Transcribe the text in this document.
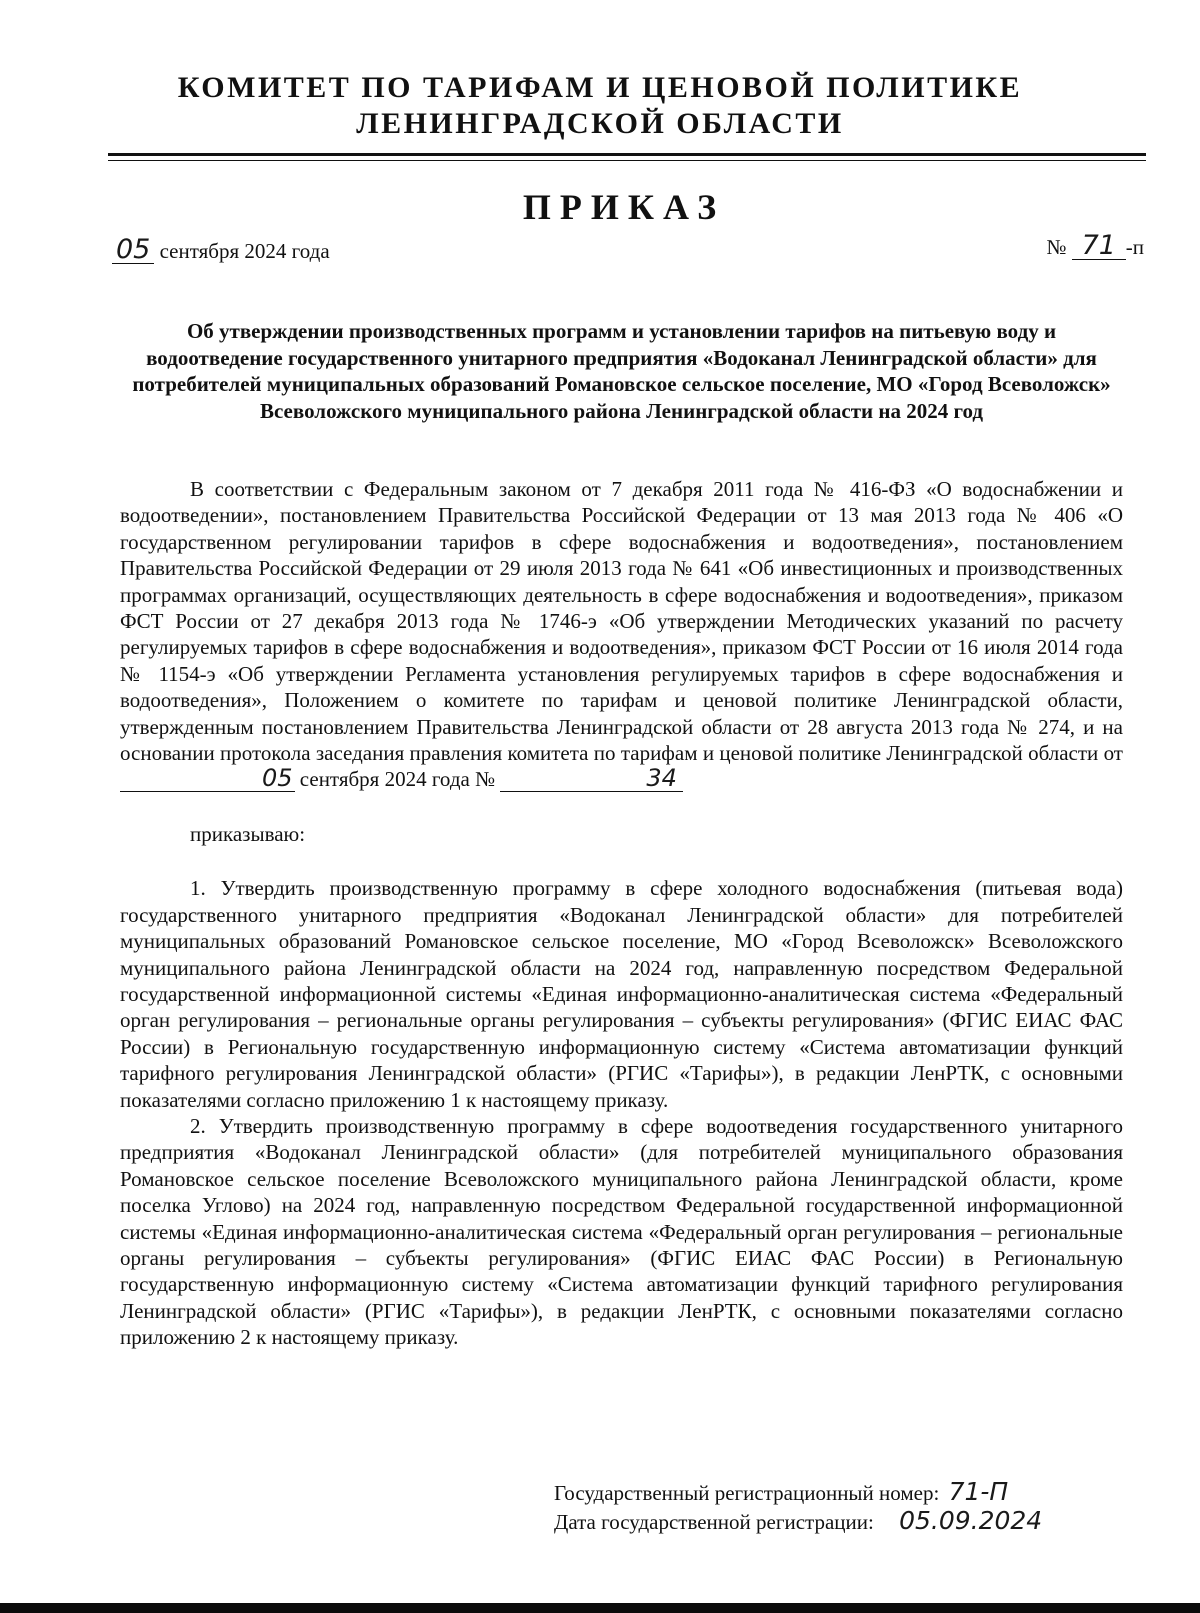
КОМИТЕТ ПО ТАРИФАМ И ЦЕНОВОЙ ПОЛИТИКЕ
ЛЕНИНГРАДСКОЙ ОБЛАСТИ
ПРИКАЗ
05 сентября 2024 года	№ 71 -п
Об утверждении производственных программ и установлении тарифов на питьевую воду и водоотведение государственного унитарного предприятия «Водоканал Ленинградской области» для потребителей муниципальных образований Романовское сельское поселение, МО «Город Всеволожск» Всеволожского муниципального района Ленинградской области на 2024 год

В соответствии с Федеральным законом от 7 декабря 2011 года № 416-ФЗ «О водоснабжении и водоотведении», постановлением Правительства Российской Федерации от 13 мая 2013 года № 406 «О государственном регулировании тарифов в сфере водоснабжения и водоотведения», постановлением Правительства Российской Федерации от 29 июля 2013 года № 641 «Об инвестиционных и производственных программах организаций, осуществляющих деятельность в сфере водоснабжения и водоотведения», приказом ФСТ России от 27 декабря 2013 года № 1746-э «Об утверждении Методических указаний по расчету регулируемых тарифов в сфере водоснабжения и водоотведения», приказом ФСТ России от 16 июля 2014 года № 1154-э «Об утверждении Регламента установления регулируемых тарифов в сфере водоснабжения и водоотведения», Положением о комитете по тарифам и ценовой политике Ленинградской области, утвержденным постановлением Правительства Ленинградской области от 28 августа 2013 года № 274, и на основании протокола заседания правления комитета по тарифам и ценовой политике Ленинградской области от05 сентября 2024 года №	34

приказываю:

1. Утвердить производственную программу в сфере холодного водоснабжения (питьевая вода) государственного унитарного предприятия «Водоканал Ленинградской области» для потребителей муниципальных образований Романовское сельское поселение, МО «Город Всеволожск» Всеволожского муниципального района Ленинградской области на 2024 год, направленную посредством Федеральной государственной информационной системы «Единая информационно-аналитическая система «Федеральный орган регулирования – региональные органы регулирования – субъекты регулирования» (ФГИС ЕИАС ФАС России) в Региональную государственную информационную систему «Система автоматизации функций тарифного регулирования Ленинградской области» (РГИС «Тарифы»), в редакции ЛенРТК, с основными показателями согласно приложению 1 к настоящему приказу.

2. Утвердить производственную программу в сфере водоотведения государственного унитарного предприятия «Водоканал Ленинградской области» (для потребителей муниципального образования Романовское сельское поселение Всеволожского муниципального района Ленинградской области, кроме поселка Углово) на 2024 год, направленную посредством Федеральной государственной информационной системы «Единая информационно-аналитическая система «Федеральный орган регулирования – региональные органы регулирования – субъекты регулирования» (ФГИС ЕИАС ФАС России) в Региональную государственную информационную систему «Система автоматизации функций тарифного регулирования Ленинградской области» (РГИС «Тарифы»), в редакции ЛенРТК, с основными показателями согласно приложению 2 к настоящему приказу.

Государственный регистрационный номер: 71-П
Дата государственной регистрации: 05.09.2024
